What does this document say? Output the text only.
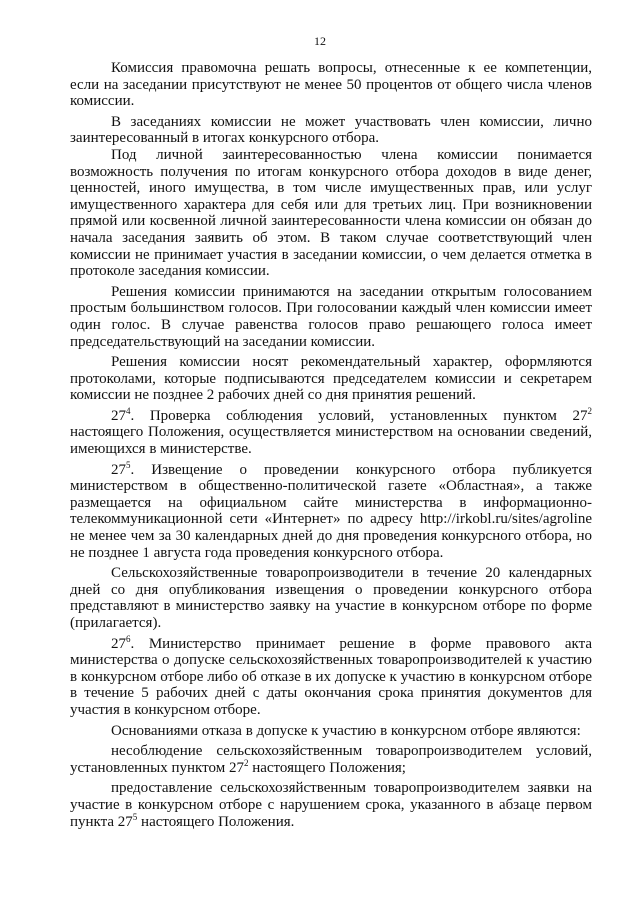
12

Комиссия правомочна решать вопросы, отнесенные к ее компетенции, если на заседании присутствуют не менее 50 процентов от общего числа членов комиссии.

В заседаниях комиссии не может участвовать член комиссии, лично заинтересованный в итогах конкурсного отбора.

Под личной заинтересованностью члена комиссии понимается возможность получения по итогам конкурсного отбора доходов в виде денег, ценностей, иного имущества, в том числе имущественных прав, или услуг имущественного характера для себя или для третьих лиц. При возникновении прямой или косвенной личной заинтересованности члена комиссии он обязан до начала заседания заявить об этом. В таком случае соответствующий член комиссии не принимает участия в заседании комиссии, о чем делается отметка в протоколе заседания комиссии.

Решения комиссии принимаются на заседании открытым голосованием простым большинством голосов. При голосовании каждый член комиссии имеет один голос. В случае равенства голосов право решающего голоса имеет председательствующий на заседании комиссии.

Решения комиссии носят рекомендательный характер, оформляются протоколами, которые подписываются председателем комиссии и секретарем комиссии не позднее 2 рабочих дней со дня принятия решений.

$27^4$. Проверка соблюдения условий, установленных пунктом $27^2$ настоящего Положения, осуществляется министерством на основании сведений, имеющихся в министерстве.

$27^5$. Извещение о проведении конкурсного отбора публикуется министерством в общественно-политической газете «Областная», а также размещается на официальном сайте министерства в информационно-телекоммуникационной сети «Интернет» по адресу http://irkobl.ru/sites/agroline не менее чем за 30 календарных дней до дня проведения конкурсного отбора, но не позднее 1 августа года проведения конкурсного отбора.

Сельскохозяйственные товаропроизводители в течение 20 календарных дней со дня опубликования извещения о проведении конкурсного отбора представляют в министерство заявку на участие в конкурсном отборе по форме (прилагается).

$27^6$. Министерство принимает решение в форме правового акта министерства о допуске сельскохозяйственных товаропроизводителей к участию в конкурсном отборе либо об отказе в их допуске к участию в конкурсном отборе в течение 5 рабочих дней с даты окончания срока принятия документов для участия в конкурсном отборе.

Основаниями отказа в допуске к участию в конкурсном отборе являются:

несоблюдение сельскохозяйственным товаропроизводителем условий, установленных пунктом $27^2$ настоящего Положения;

предоставление сельскохозяйственным товаропроизводителем заявки на участие в конкурсном отборе с нарушением срока, указанного в абзаце первом пункта $27^5$ настоящего Положения.
